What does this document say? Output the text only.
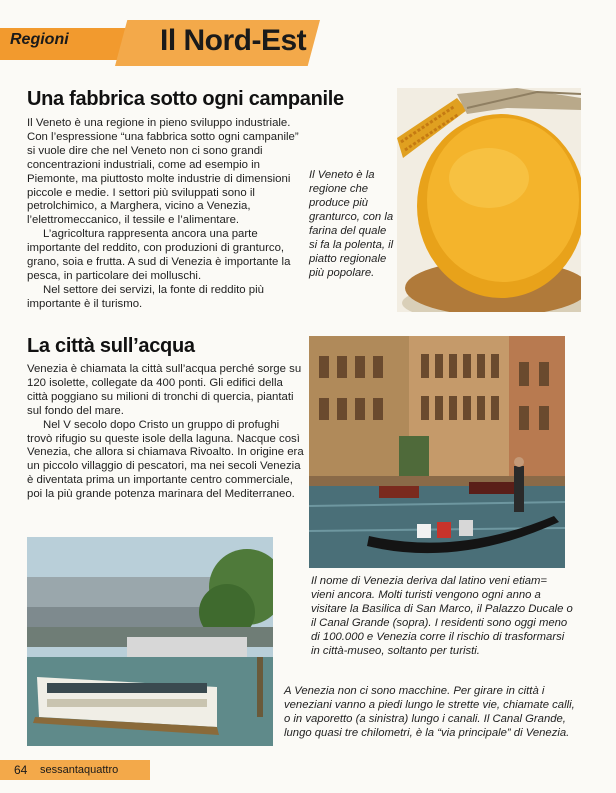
Regioni	Il Nord-Est
Una fabbrica sotto ogni campanile

Il Veneto è una regione in pieno sviluppo industriale. Con l’espressione “una fabbrica sotto ogni campanile” si vuole dire che nel Veneto non ci sono grandi concentrazioni industriali, come ad esempio in Piemonte, ma piuttosto molte industrie di dimensioni piccole e medie. I settori più sviluppati sono il petrolchimico, a Marghera, vicino a Venezia, l’elettromeccanico, il tessile e l’alimentare.

L’agricoltura rappresenta ancora una parte importante del reddito, con produzioni di granturco, grano, soia e frutta. A sud di Venezia è importante la pesca, in particolare dei molluschi.

Nel settore dei servizi, la fonte di reddito più importante è il turismo.

Il Veneto è la regione che produce più granturco, con la farina del quale si fa la polenta, il piatto regionale più popolare.
La città sull’acqua

Venezia è chiamata la città sull’acqua perché sorge su 120 isolette, collegate da 400 ponti. Gli edifici della città poggiano su milioni di tronchi di quercia, piantati sul fondo del mare.

Nel V secolo dopo Cristo un gruppo di profughi trovò rifugio su queste isole della laguna. Nacque così Venezia, che allora si chiamava Rivoalto. In origine era un piccolo villaggio di pescatori, ma nei secoli Venezia è diventata prima un importante centro commerciale, poi la più grande potenza marinara del Mediterraneo.

Il nome di Venezia deriva dal latino veni etiam= vieni ancora. Molti turisti vengono ogni anno a visitare la Basilica di San Marco, il Palazzo Ducale o il Canal Grande (sopra). I residenti sono oggi meno di 100.000 e Venezia corre il rischio di trasformarsi in città-museo, soltanto per turisti.
A Venezia non ci sono macchine. Per girare in città i veneziani vanno a piedi lungo le strette vie, chiamate calli, o in vaporetto (a sinistra) lungo i canali. Il Canal Grande, lungo quasi tre chilometri, è la “via principale” di Venezia.
64 sessantaquattro
